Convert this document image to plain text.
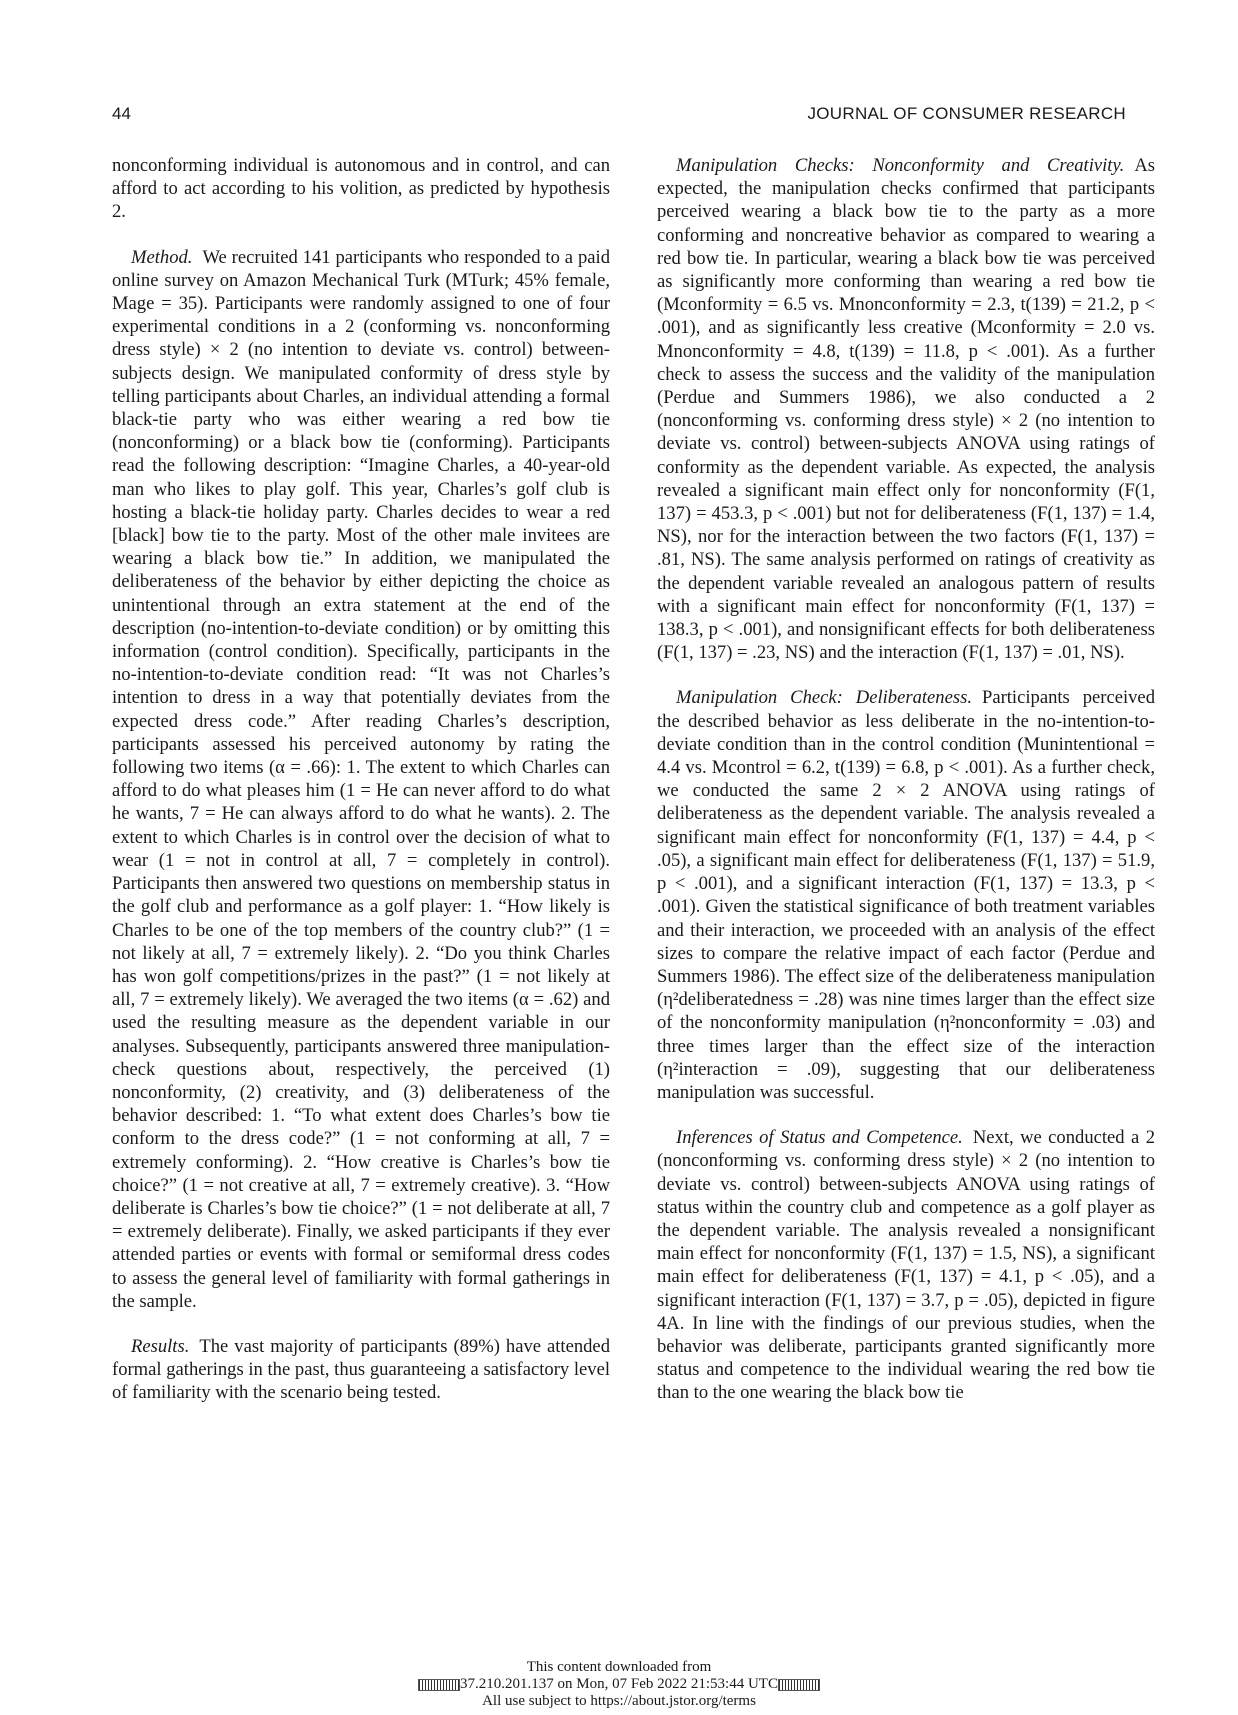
44	JOURNAL OF CONSUMER RESEARCH

nonconforming individual is autonomous and in control, and can afford to act according to his volition, as predicted by hypothesis 2.

Method. We recruited 141 participants who responded to a paid online survey on Amazon Mechanical Turk (MTurk; 45% female, Mage = 35). Participants were randomly assigned to one of four experimental conditions in a 2 (conforming vs. nonconforming dress style) × 2 (no intention to deviate vs. control) between-subjects design. We manipulated conformity of dress style by telling participants about Charles, an individual attending a formal black-tie party who was either wearing a red bow tie (nonconforming) or a black bow tie (conforming). Participants read the following description: “Imagine Charles, a 40-year-old man who likes to play golf. This year, Charles’s golf club is hosting a black-tie holiday party. Charles decides to wear a red [black] bow tie to the party. Most of the other male invitees are wearing a black bow tie.” In addition, we manipulated the deliberateness of the behavior by either depicting the choice as unintentional through an extra statement at the end of the description (no-intention-to-deviate condition) or by omitting this information (control condition). Specifically, participants in the no-intention-to-deviate condition read: “It was not Charles’s intention to dress in a way that potentially deviates from the expected dress code.” After reading Charles’s description, participants assessed his perceived autonomy by rating the following two items (α = .66): 1. The extent to which Charles can afford to do what pleases him (1 = He can never afford to do what he wants, 7 = He can always afford to do what he wants). 2. The extent to which Charles is in control over the decision of what to wear (1 = not in control at all, 7 = completely in control). Participants then answered two questions on membership status in the golf club and performance as a golf player: 1. “How likely is Charles to be one of the top members of the country club?” (1 = not likely at all, 7 = extremely likely). 2. “Do you think Charles has won golf competitions/prizes in the past?” (1 = not likely at all, 7 = extremely likely). We averaged the two items (α = .62) and used the resulting measure as the dependent variable in our analyses. Subsequently, participants answered three manipulation-check questions about, respectively, the perceived (1) nonconformity, (2) creativity, and (3) deliberateness of the behavior described: 1. “To what extent does Charles’s bow tie conform to the dress code?” (1 = not conforming at all, 7 = extremely conforming). 2. “How creative is Charles’s bow tie choice?” (1 = not creative at all, 7 = extremely creative). 3. “How deliberate is Charles’s bow tie choice?” (1 = not deliberate at all, 7 = extremely deliberate). Finally, we asked participants if they ever attended parties or events with formal or semiformal dress codes to assess the general level of familiarity with formal gatherings in the sample.

Results. The vast majority of participants (89%) have attended formal gatherings in the past, thus guaranteeing a satisfactory level of familiarity with the scenario being tested.

Manipulation Checks: Nonconformity and Creativity. As expected, the manipulation checks confirmed that participants perceived wearing a black bow tie to the party as a more conforming and noncreative behavior as compared to wearing a red bow tie. In particular, wearing a black bow tie was perceived as significantly more conforming than wearing a red bow tie (Mconformity = 6.5 vs. Mnonconformity = 2.3, t(139) = 21.2, p < .001), and as significantly less creative (Mconformity = 2.0 vs. Mnonconformity = 4.8, t(139) = 11.8, p < .001). As a further check to assess the success and the validity of the manipulation (Perdue and Summers 1986), we also conducted a 2 (nonconforming vs. conforming dress style) × 2 (no intention to deviate vs. control) between-subjects ANOVA using ratings of conformity as the dependent variable. As expected, the analysis revealed a significant main effect only for nonconformity (F(1, 137) = 453.3, p < .001) but not for deliberateness (F(1, 137) = 1.4, NS), nor for the interaction between the two factors (F(1, 137) = .81, NS). The same analysis performed on ratings of creativity as the dependent variable revealed an analogous pattern of results with a significant main effect for nonconformity (F(1, 137) = 138.3, p < .001), and nonsignificant effects for both deliberateness (F(1, 137) = .23, NS) and the interaction (F(1, 137) = .01, NS).

Manipulation Check: Deliberateness. Participants perceived the described behavior as less deliberate in the no-intention-to-deviate condition than in the control condition (Munintentional = 4.4 vs. Mcontrol = 6.2, t(139) = 6.8, p < .001). As a further check, we conducted the same 2 × 2 ANOVA using ratings of deliberateness as the dependent variable. The analysis revealed a significant main effect for nonconformity (F(1, 137) = 4.4, p < .05), a significant main effect for deliberateness (F(1, 137) = 51.9, p < .001), and a significant interaction (F(1, 137) = 13.3, p < .001). Given the statistical significance of both treatment variables and their interaction, we proceeded with an analysis of the effect sizes to compare the relative impact of each factor (Perdue and Summers 1986). The effect size of the deliberateness manipulation (η²deliberatedness = .28) was nine times larger than the effect size of the nonconformity manipulation (η²nonconformity = .03) and three times larger than the effect size of the interaction (η²interaction = .09), suggesting that our deliberateness manipulation was successful.

Inferences of Status and Competence. Next, we conducted a 2 (nonconforming vs. conforming dress style) × 2 (no intention to deviate vs. control) between-subjects ANOVA using ratings of status within the country club and competence as a golf player as the dependent variable. The analysis revealed a nonsignificant main effect for nonconformity (F(1, 137) = 1.5, NS), a significant main effect for deliberateness (F(1, 137) = 4.1, p < .05), and a significant interaction (F(1, 137) = 3.7, p = .05), depicted in figure 4A. In line with the findings of our previous studies, when the behavior was deliberate, participants granted significantly more status and competence to the individual wearing the red bow tie than to the one wearing the black bow tie

This content downloaded from
37.210.201.137 on Mon, 07 Feb 2022 21:53:44 UTC
All use subject to https://about.jstor.org/terms
